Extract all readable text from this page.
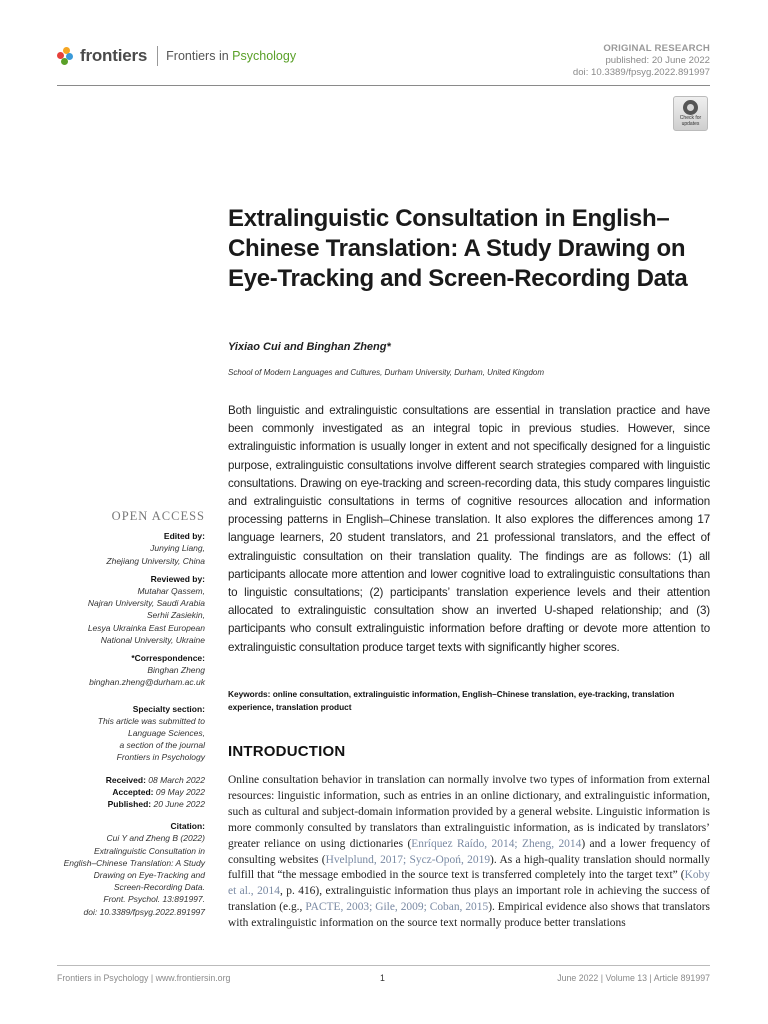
frontiers Frontiers in Psychology
ORIGINAL RESEARCH
published: 20 June 2022
doi: 10.3389/fpsyg.2022.891997
Check for
updates
Extralinguistic Consultation in English–Chinese Translation: A Study Drawing on Eye-Tracking and Screen-Recording Data
Yixiao Cui and Binghan Zheng*
School of Modern Languages and Cultures, Durham University, Durham, United Kingdom
Both linguistic and extralinguistic consultations are essential in translation practice and have been commonly investigated as an integral topic in previous studies. However, since extralinguistic information is usually longer in extent and not specifically designed for a linguistic purpose, extralinguistic consultations involve different search strategies compared with linguistic consultations. Drawing on eye-tracking and screen-recording data, this study compares linguistic and extralinguistic consultations in terms of cognitive resources allocation and information processing patterns in English–Chinese translation. It also explores the differences among 17 language learners, 20 student translators, and 21 professional translators, and the effect of extralinguistic consultation on their translation quality. The findings are as follows: (1) all participants allocate more attention and lower cognitive load to extralinguistic consultations than to linguistic consultations; (2) participants’ translation experience levels and their attention allocated to extralinguistic consultation show an inverted U-shaped relationship; and (3) participants who consult extralinguistic information before drafting or devote more attention to extralinguistic consultation produce target texts with significantly higher scores.
Keywords: online consultation, extralinguistic information, English–Chinese translation, eye-tracking, translation experience, translation product
OPEN ACCESS
Edited by:
Junying Liang,
Zhejiang University, China
Reviewed by:
Mutahar Qassem,
Najran University, Saudi Arabia
Serhii Zasiekin,
Lesya Ukrainka East European
National University, Ukraine
*Correspondence:
Binghan Zheng
binghan.zheng@durham.ac.uk
Specialty section:
This article was submitted to
Language Sciences,
a section of the journal
Frontiers in Psychology
Received: 08 March 2022
Accepted: 09 May 2022
Published: 20 June 2022
Citation:
Cui Y and Zheng B (2022)
Extralinguistic Consultation in
English–Chinese Translation: A Study
Drawing on Eye-Tracking and
Screen-Recording Data.
Front. Psychol. 13:891997.
doi: 10.3389/fpsyg.2022.891997
INTRODUCTION
Online consultation behavior in translation can normally involve two types of information from external resources: linguistic information, such as entries in an online dictionary, and extralinguistic information, such as cultural and subject-domain information provided by a general website. Linguistic information is more commonly consulted by translators than extralinguistic information, as is indicated by translators’ greater reliance on using dictionaries (Enríquez Raído, 2014; Zheng, 2014) and a lower frequency of consulting websites (Hvelplund, 2017; Sycz-Opoń, 2019). As a high-quality translation should normally fulfill that “the message embodied in the source text is transferred completely into the target text” (Koby et al., 2014, p. 416), extralinguistic information thus plays an important role in achieving the success of translation (e.g., PACTE, 2003; Gile, 2009; Coban, 2015). Empirical evidence also shows that translators with extralinguistic information on the source text normally produce better translations
Frontiers in Psychology | www.frontiersin.org	1	June 2022 | Volume 13 | Article 891997
